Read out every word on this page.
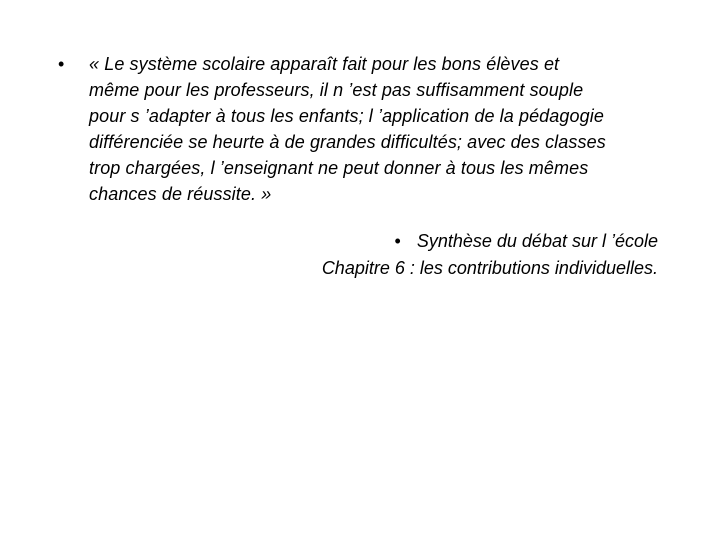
•	« Le système scolaire apparaît fait pour les bons élèves et
même pour les professeurs, il n ’est pas suffisamment souple
pour s ’adapter à tous les enfants; l ’application de la pédagogie
différenciée se heurte à de grandes difficultés; avec des classes
trop chargées, l ’enseignant ne peut donner à tous les mêmes
chances de réussite. »
• Synthèse du débat sur l ’école
Chapitre 6 : les contributions individuelles.
